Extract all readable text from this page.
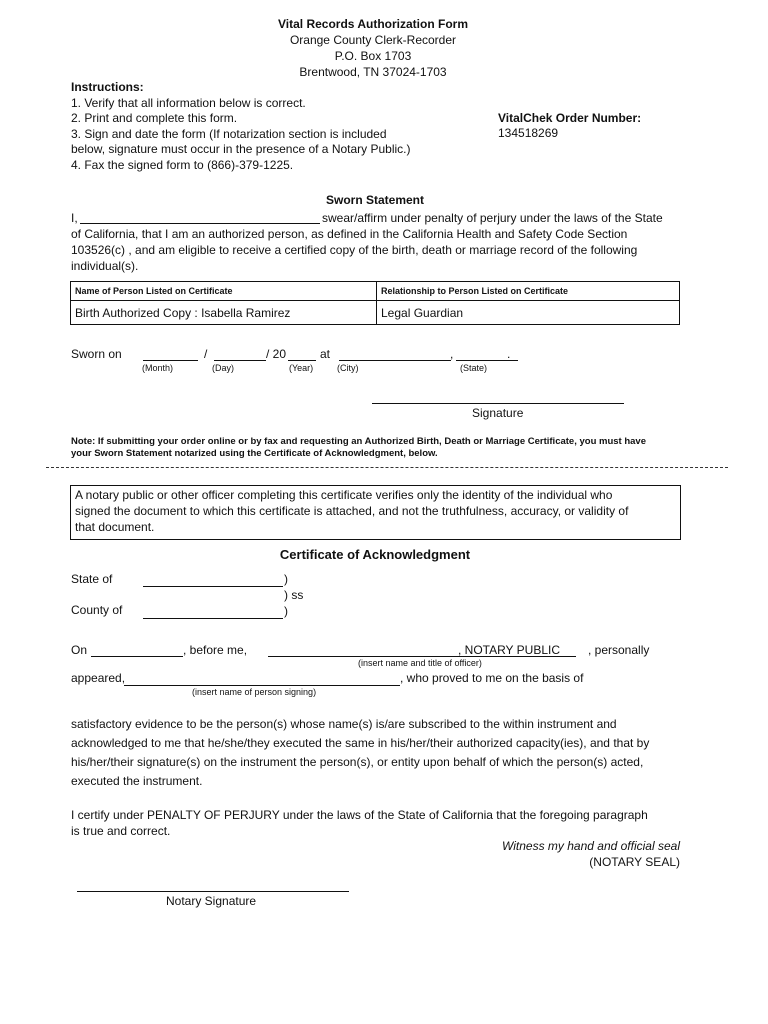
Vital Records Authorization Form
Orange County Clerk-Recorder
P.O. Box 1703
Brentwood, TN 37024-1703
Instructions:
1. Verify that all information below is correct.
2. Print and complete this form.
3. Sign and date the form (If notarization section is included
below, signature must occur in the presence of a Notary Public.)
4. Fax the signed form to (866)-379-1225.
VitalChek Order Number:
134518269
Sworn Statement
I,	swear/affirm under penalty of perjury under the laws of the State
of California, that I am an authorized person, as defined in the California Health and Safety Code Section
103526(c) , and am eligible to receive a certified copy of the birth, death or marriage record of the following
individual(s).
Name of Person Listed on Certificate	Relationship to Person Listed on Certificate
Birth Authorized Copy : Isabella Ramirez	Legal Guardian
Sworn on	/	/ 20	at	,	.
(Month)	(Day)	(Year)	(City)	(State)
Signature
Note: If submitting your order online or by fax and requesting an Authorized Birth, Death or Marriage Certificate, you must have
your Sworn Statement notarized using the Certificate of Acknowledgment, below.
A notary public or other officer completing this certificate verifies only the identity of the individual who
signed the document to which this certificate is attached, and not the truthfulness, accuracy, or validity of
that document.
Certificate of Acknowledgment
State of	)
) ss
County of	)
On	, before me,	, NOTARY PUBLIC , personally
(insert name and title of officer)
appeared,	, who proved to me on the basis of
(insert name of person signing)
satisfactory evidence to be the person(s) whose name(s) is/are subscribed to the within instrument and
acknowledged to me that he/she/they executed the same in his/her/their authorized capacity(ies), and that by
his/her/their signature(s) on the instrument the person(s), or entity upon behalf of which the person(s) acted,
executed the instrument.
I certify under PENALTY OF PERJURY under the laws of the State of California that the foregoing paragraph
is true and correct.
Witness my hand and official seal
(NOTARY SEAL)
Notary Signature
